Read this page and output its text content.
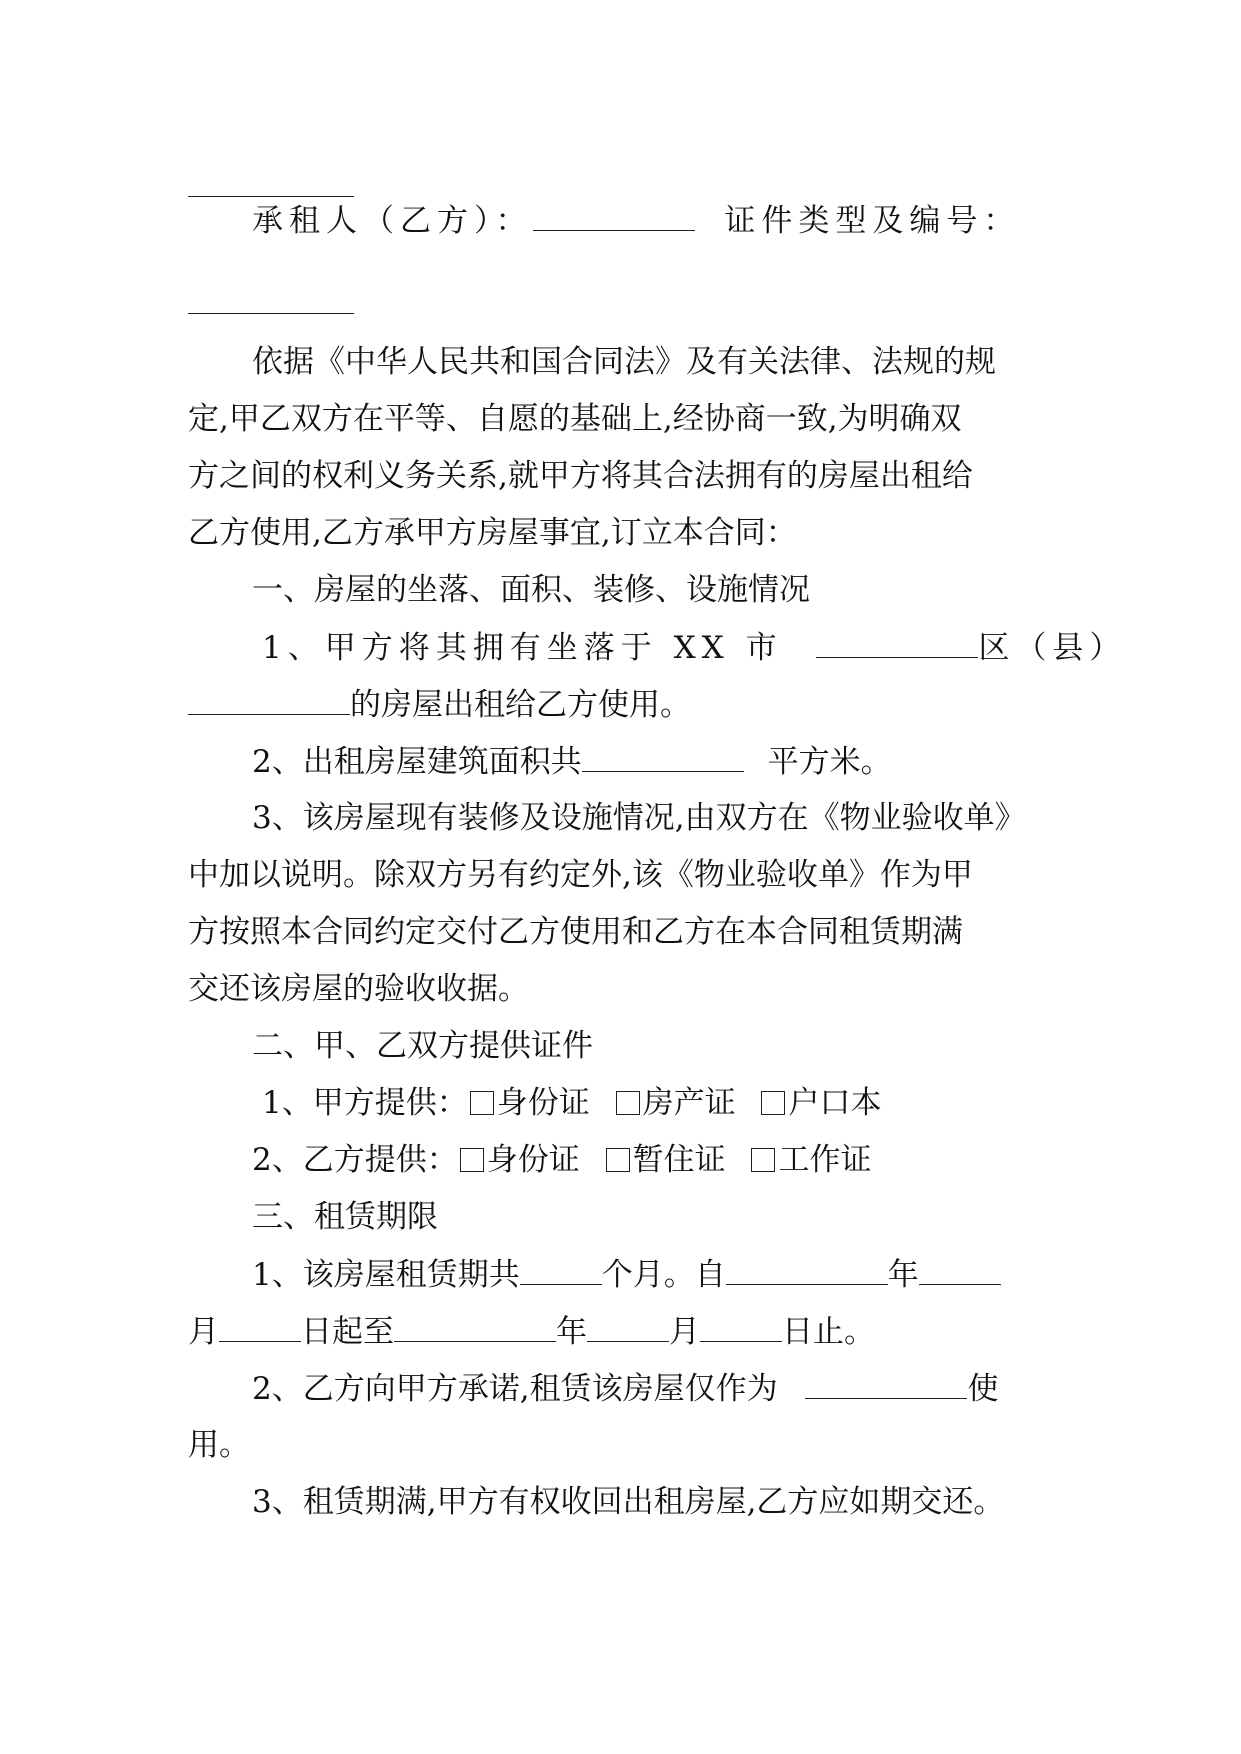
承租人（乙方）：	证件类型及编号：
依据《中华人民共和国合同法》及有关法律、法规的规
定,甲乙双方在平等、自愿的基础上,经协商一致,为明确双
方之间的权利义务关系,就甲方将其合法拥有的房屋出租给
乙方使用,乙方承甲方房屋事宜,订立本合同：
一、房屋的坐落、面积、装修、设施情况
1、甲方将其拥有坐落于 XX 市	区（县）
的房屋出租给乙方使用。
2、出租房屋建筑面积共	平方米。
3、该房屋现有装修及设施情况,由双方在《物业验收单》
中加以说明。除双方另有约定外,该《物业验收单》作为甲
方按照本合同约定交付乙方使用和乙方在本合同租赁期满
交还该房屋的验收收据。
二、甲、乙双方提供证件
1、甲方提供： 身份证 房产证 户口本
2、乙方提供： 身份证 暂住证 工作证
三、租赁期限
1、该房屋租赁期共	个月。自	年
月	日起至	年	月	日止。
2、乙方向甲方承诺,租赁该房屋仅作为	使
用。
3、租赁期满,甲方有权收回出租房屋,乙方应如期交还。
